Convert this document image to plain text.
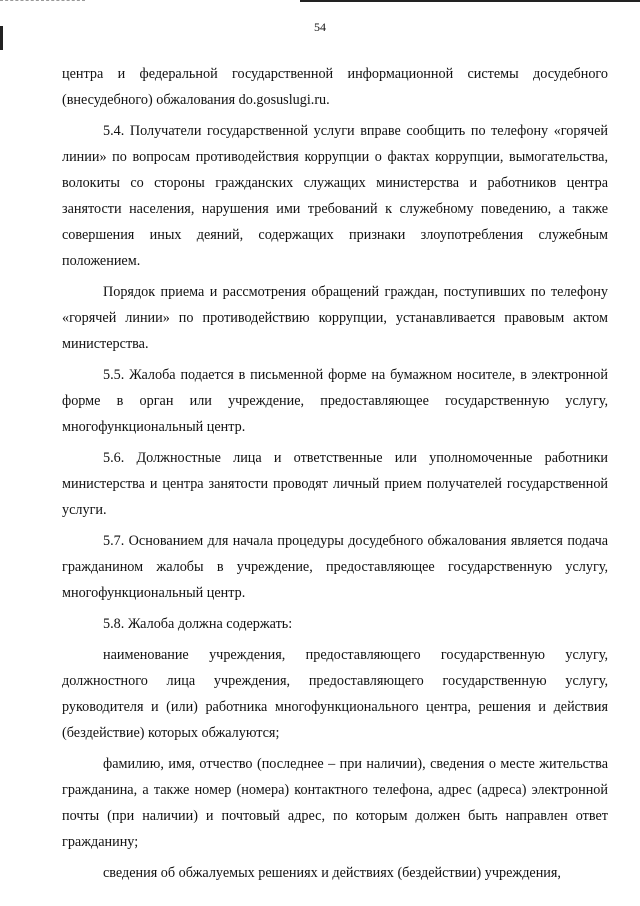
54

центра и федеральной государственной информационной системы досудебного (внесудебного) обжалования do.gosuslugi.ru.

5.4. Получатели государственной услуги вправе сообщить по телефону «горячей линии» по вопросам противодействия коррупции о фактах коррупции, вымогательства, волокиты со стороны гражданских служащих министерства и работников центра занятости населения, нарушения ими требований к служебному поведению, а также совершения иных деяний, содержащих признаки злоупотребления служебным положением.

Порядок приема и рассмотрения обращений граждан, поступивших по телефону «горячей линии» по противодействию коррупции, устанавливается правовым актом министерства.

5.5. Жалоба подается в письменной форме на бумажном носителе, в электронной форме в орган или учреждение, предоставляющее государственную услугу, многофункциональный центр.

5.6. Должностные лица и ответственные или уполномоченные работники министерства и центра занятости проводят личный прием получателей государственной услуги.

5.7. Основанием для начала процедуры досудебного обжалования является подача гражданином жалобы в учреждение, предоставляющее государственную услугу, многофункциональный центр.

5.8. Жалоба должна содержать:

наименование учреждения, предоставляющего государственную услугу, должностного лица учреждения, предоставляющего государственную услугу, руководителя и (или) работника многофункционального центра, решения и действия (бездействие) которых обжалуются;

фамилию, имя, отчество (последнее – при наличии), сведения о месте жительства гражданина, а также номер (номера) контактного телефона, адрес (адреса) электронной почты (при наличии) и почтовый адрес, по которым должен быть направлен ответ гражданину;

сведения об обжалуемых решениях и действиях (бездействии) учреждения,
